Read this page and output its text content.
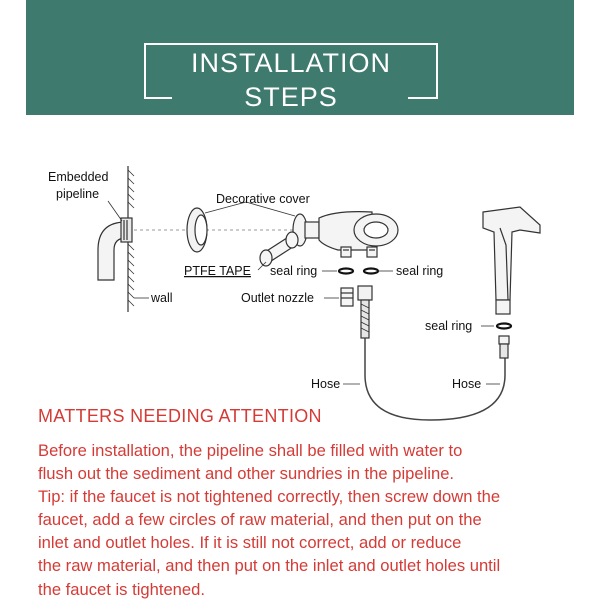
INSTALLATION STEPS
Embedded
pipeline	Decorative cover
PTFE TAPE seal ring	seal ring
Outlet nozzle
wall
seal ring
Hose	Hose
MATTERS NEEDING ATTENTION
Before installation, the pipeline shall be filled with water to
flush out the sediment and other sundries in the pipeline.
Tip: if the faucet is not tightened correctly, then screw down the
faucet, add a few circles of raw material, and then put on the
inlet and outlet holes. If it is still not correct, add or reduce
the raw material, and then put on the inlet and outlet holes until
the faucet is tightened.
